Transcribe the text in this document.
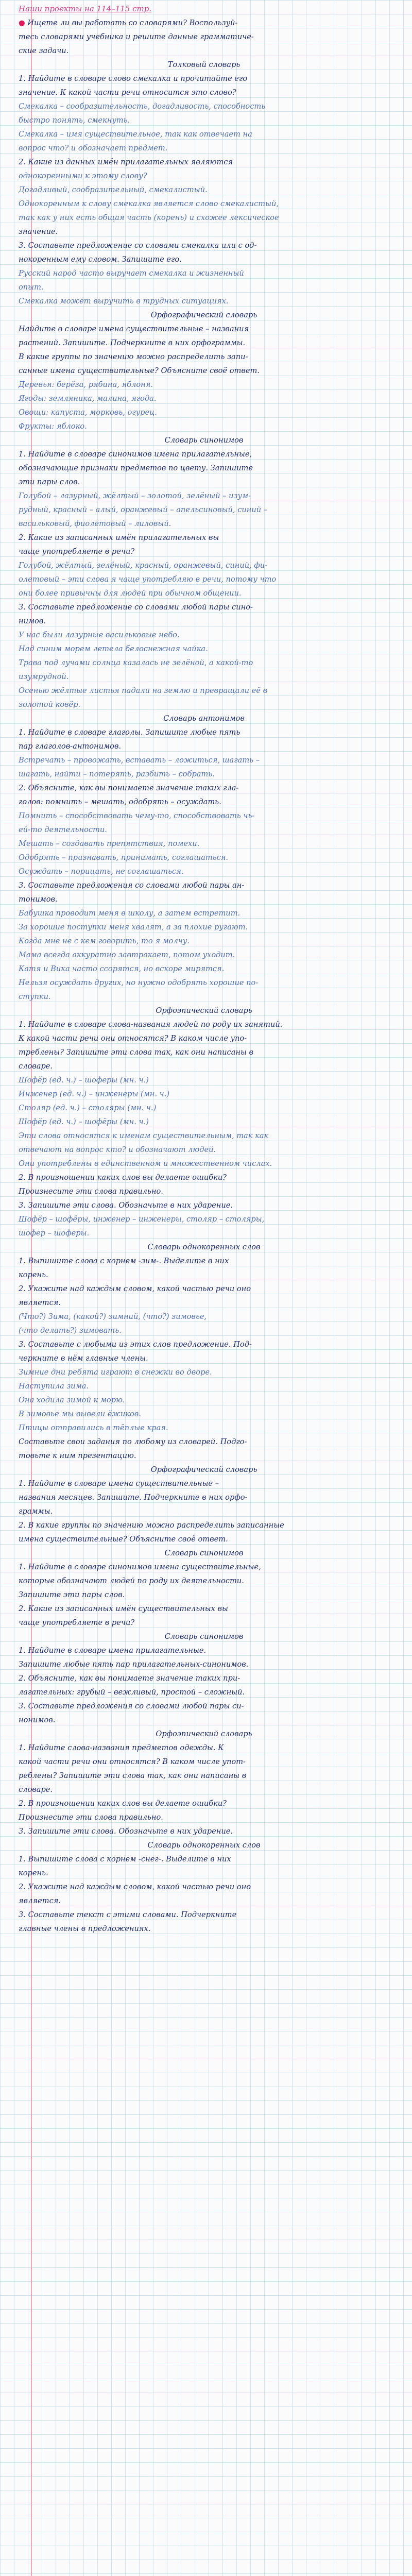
Наши проекты на 114–115 стр.
● Ищете ли вы работать со словарями? Воспользуй-
тесь словарями учебника и решите данные грамматиче-
ские задачи.
Толковый словарь
1. Найдите в словаре слово смекалка и прочитайте его
значение. К какой части речи относится это слово?
Смекалка – сообразительность, догадливость, способность
быстро понять, смекнуть.
Смекалка – имя существительное, так как отвечает на
вопрос что? и обозначает предмет.
2. Какие из данных имён прилагательных являются
однокоренными к этому слову?
Догадливый, сообразительный, смекалистый.
Однокоренным к слову смекалка является слово смекалистый,
так как у них есть общая часть (корень) и схожее лексическое
значение.
3. Составьте предложение со словами смекалка или с од-
нокоренным ему словом. Запишите его.
Русский народ часто выручает смекалка и жизненный
опыт.
Смекалка может выручить в трудных ситуациях.
Орфографический словарь
Найдите в словаре имена существительные – названия
растений. Запишите. Подчеркните в них орфограммы.
В какие группы по значению можно распределить запи-
санные имена существительные? Объясните своё ответ.
Деревья: берёза, рябина, яблоня.
Ягоды: земляника, малина, ягода.
Овощи: капуста, морковь, огурец.
Фрукты: яблоко.
Словарь синонимов
1. Найдите в словаре синонимов имена прилагательные,
обозначающие признаки предметов по цвету. Запишите
эти пары слов.
Голубой – лазурный, жёлтый – золотой, зелёный – изум-
рудный, красный – алый, оранжевый – апельсиновый, синий –
васильковый, фиолетовый – лиловый.
2. Какие из записанных имён прилагательных вы
чаще употребляете в речи?
Голубой, жёлтый, зелёный, красный, оранжевый, синий, фи-
олетовый – эти слова я чаще употребляю в речи, потому что
они более привычны для людей при обычном общении.
3. Составьте предложение со словами любой пары сино-
нимов.
У нас были лазурные васильковые небо.
Над синим морем летела белоснежная чайка.
Трава под лучами солнца казалась не зелёной, а какой-то
изумрудной.
Осенью жёлтые листья падали на землю и превращали её в
золотой ковёр.
Словарь антонимов
1. Найдите в словаре глаголы. Запишите любые пять
пар глаголов-антонимов.
Встречать – провожать, вставать – ложиться, шагать –
шагать, найти – потерять, разбить – собрать.
2. Объясните, как вы понимаете значение таких гла-
голов: помнить – мешать, одобрять – осуждать.
Помнить – способствовать чему-то, способствовать чь-
ей-то деятельности.
Мешать – создавать препятствия, помехи.
Одобрять – признавать, принимать, соглашаться.
Осуждать – порицать, не соглашаться.
3. Составьте предложения со словами любой пары ан-
тонимов.
Бабушка проводит меня в школу, а затем встретит.
За хорошие поступки меня хвалят, а за плохие ругают.
Когда мне не с кем говорить, то я молчу.
Мама всегда аккуратно завтракает, потом уходит.
Катя и Вика часто ссорятся, но вскоре мирятся.
Нельзя осуждать других, но нужно одобрять хорошие по-
ступки.
Орфоэпический словарь
1. Найдите в словаре слова-названия людей по роду их занятий.
К какой части речи они относятся? В каком числе упо-
треблены? Запишите эти слова так, как они написаны в
словаре.
Шофёр (ед. ч.) – шоферы (мн. ч.)
Инженер (ед. ч.) – инженеры (мн. ч.)
Столяр (ед. ч.) – столяры (мн. ч.)
Шофёр (ед. ч.) – шофёры (мн. ч.)
Эти слова относятся к именам существительным, так как
отвечают на вопрос кто? и обозначают людей.
Они употреблены в единственном и множественном числах.
2. В произношении каких слов вы делаете ошибки?
Произнесите эти слова правильно.
3. Запишите эти слова. Обозначьте в них ударение.
Шофёр – шофёры, инженер – инженеры, столяр – столяры,
шофер – шоферы.
Словарь однокоренных слов
1. Выпишите слова с корнем -зим-. Выделите в них
корень.
2. Укажите над каждым словом, какой частью речи оно
является.
(Что?) Зима, (какой?) зимний, (что?) зимовье,
(что делать?) зимовать.
3. Составьте с любыми из этих слов предложение. Под-
черкните в нём главные члены.
Зимние дни ребята играют в снежки во дворе.
Наступила зима.
Она ходила зимой к морю.
В зимовье мы вывели ёжиков.
Птицы отправились в тёплые края.
Составьте свои задания по любому из словарей. Подго-
товьте к ним презентацию.
Орфографический словарь
1. Найдите в словаре имена существительные –
названия месяцев. Запишите. Подчеркните в них орфо-
граммы.
2. В какие группы по значению можно распределить записанные
имена существительные? Объясните своё ответ.
Словарь синонимов
1. Найдите в словаре синонимов имена существительные,
которые обозначают людей по роду их деятельности.
Запишите эти пары слов.
2. Какие из записанных имён существительных вы
чаще употребляете в речи?
Словарь синонимов
1. Найдите в словаре имена прилагательные.
Запишите любые пять пар прилагательных-синонимов.
2. Объясните, как вы понимаете значение таких при-
лагательных: грубый – вежливый, простой – сложный.
3. Составьте предложения со словами любой пары си-
нонимов.
Орфоэпический словарь
1. Найдите слова-названия предметов одежды. К
какой части речи они относятся? В каком числе упот-
реблены? Запишите эти слова так, как они написаны в
словаре.
2. В произношении каких слов вы делаете ошибки?
Произнесите эти слова правильно.
3. Запишите эти слова. Обозначьте в них ударение.
Словарь однокоренных слов
1. Выпишите слова с корнем -снег-. Выделите в них
корень.
2. Укажите над каждым словом, какой частью речи оно
является.
3. Составьте текст с этими словами. Подчеркните
главные члены в предложениях.
